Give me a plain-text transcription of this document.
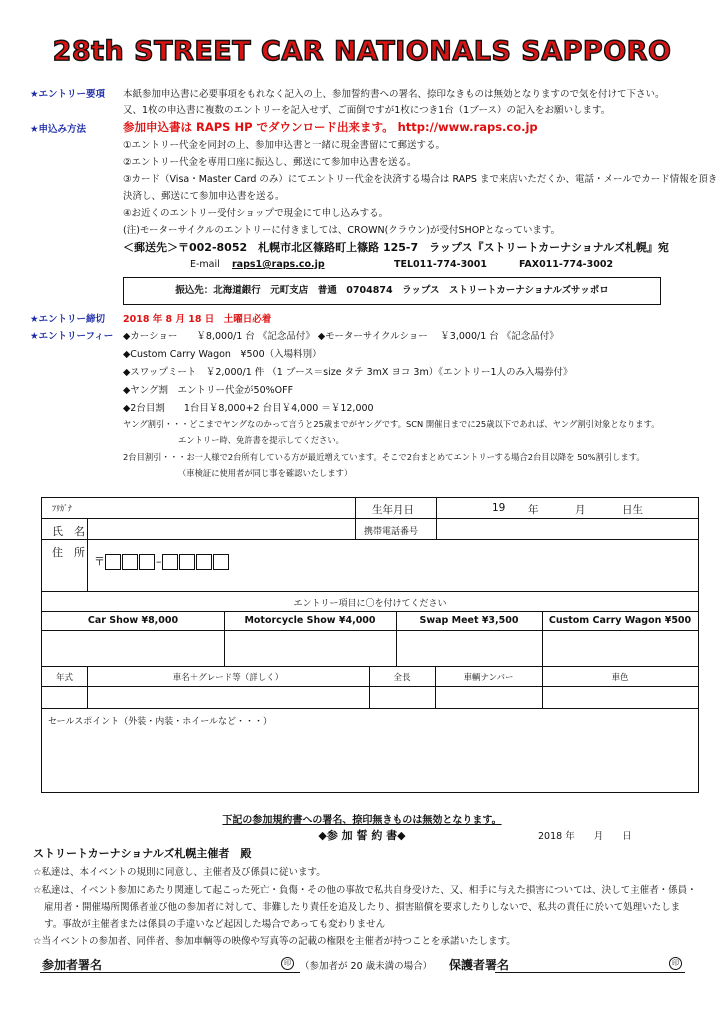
28th STREET CAR NATIONALS SAPPORO
★エントリー要項 本紙参加申込書に必要事項をもれなく記入の上、参加誓約書への署名、捺印なきものは無効となりますので気を付けて下さい。
又、1枚の申込書に複数のエントリーを記入せず、ご面倒ですが1枚につき1台（1ブース）の記入をお願いします。
★申込み方法	参加申込書は RAPS HP でダウンロード出来ます。 http://www.raps.co.jp
①エントリー代金を同封の上、参加申込書と一緒に現金書留にて郵送する。
②エントリー代金を専用口座に振込し、郵送にて参加申込書を送る。
③カード（Visa・Master Card のみ）にてエントリー代金を決済する場合は RAPS まで来店いただくか、電話・メールでカード情報を頂き
決済し、郵送にて参加申込書を送る。
④お近くのエントリー受付ショップで現金にて申し込みする。
(注)モーターサイクルのエントリーに付きましては、CROWN(クラウン)が受付SHOPとなっています。
＜郵送先＞〒002-8052　札幌市北区篠路町上篠路 125-7　ラップス『ストリートカーナショナルズ札幌』宛
E-mail raps1@raps.co.jp	TEL011-774-3001	FAX011-774-3002
振込先：北海道銀行　元町支店　普通　0704874　ラップス　ストリートカーナショナルズサッポロ
★エントリー締切 2018 年 8 月 18 日　土曜日必着
★エントリーフィー ◆カーショー　　￥8,000/1 台 《記念品付》 ◆モーターサイクルショー　 ￥3,000/1 台 《記念品付》
◆Custom Carry Wagon　¥500（入場料別）
◆スワップミート　￥2,000/1 件 （1 ブース＝size タテ 3mX ヨコ 3m）《エントリー1人のみ入場券付》
◆ヤング割　エントリー代金が50%OFF
◆2台目割　　1台目￥8,000+2 台目￥4,000 ＝￥12,000
ヤング割引・・・どこまでヤングなのかって言うと25歳までがヤングです。SCN 開催日までに25歳以下であれば、ヤング割引対象となります。
エントリー時、免許書を提示してください。
2台目割引・・・お一人様で2台所有している方が最近増えています。そこで2台まとめてエントリーする場合2台目以降を 50%割引します。
（車検証に使用者が同じ事を確認いたします）
ﾌﾘｶﾞﾅ
氏　名
生年月日	19 年	月	日生
携帯電話番号
住　所
〒	–
エントリー項目に〇を付けてください
Car Show ¥8,000	Motorcycle Show ¥4,000	Swap Meet ¥3,500	Custom Carry Wagon ¥500
年式	車名＋グレード等（詳しく）	全長	車輌ナンバー	車色
セールスポイント（外装・内装・ホイールなど・・・）
下記の参加規約書への署名、捺印無きものは無効となります。
◆参 加 誓 約 書◆	2018 年　　月　　日
ストリートカーナショナルズ札幌主催者　殿
☆私達は、本イベントの規則に同意し、主催者及び係員に従います。
☆私達は、イベント参加にあたり関連して起こった死亡・負傷・その他の事故で私共自身受けた、又、相手に与えた損害については、決して主催者・係員・
雇用者・開催場所関係者並び他の参加者に対して、非難したり責任を追及したり、損害賠償を要求したりしないで、私共の責任に於いて処理いたしま
す。事故が主催者または係員の手違いなど起因した場合であっても変わりません
☆当イベントの参加者、同伴者、参加車輌等の映像や写真等の記載の権限を主催者が持つことを承諾いたします。
参加者署名	印 （参加者が 20 歳未満の場合） 保護者署名	印
